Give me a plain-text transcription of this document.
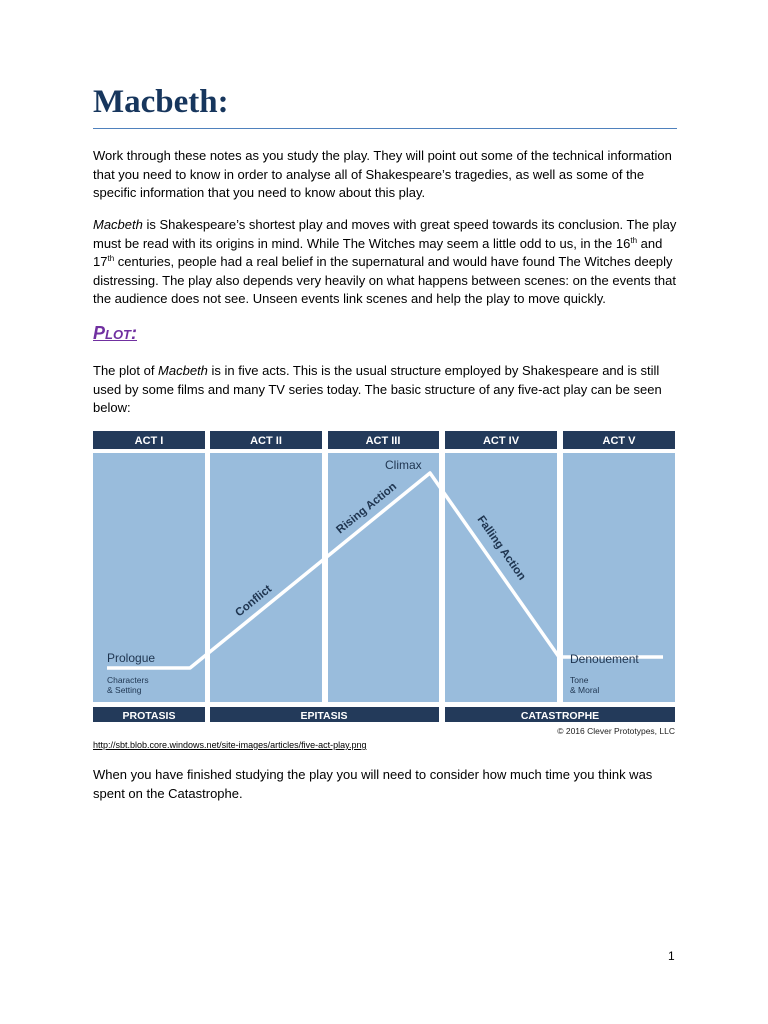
Macbeth:

Work through these notes as you study the play. They will point out some of the technical information that you need to know in order to analyse all of Shakespeare’s tragedies, as well as some of the specific information that you need to know about this play.

Macbeth is Shakespeare’s shortest play and moves with great speed towards its conclusion. The play must be read with its origins in mind. While The Witches may seem a little odd to us, in the 16th and 17th centuries, people had a real belief in the supernatural and would have found The Witches deeply distressing. The play also depends very heavily on what happens between scenes: on the events that the audience does not see. Unseen events link scenes and help the play to move quickly.

Plot:

The plot of Macbeth is in five acts. This is the usual structure employed by Shakespeare and is still used by some films and many TV series today. The basic structure of any five-act play can be seen below:

ACT I	ACT II	ACT III	ACT IV	ACT V
Prologue
Characters
& Setting
Conflict
Rising Action
Climax
Falling Action
Denouement
Tone
& Moral
PROTASIS	EPITASIS	CATASTROPHE
© 2016 Clever Prototypes, LLC
http://sbt.blob.core.windows.net/site-images/articles/five-act-play.png

When you have finished studying the play you will need to consider how much time you think was spent on the Catastrophe.

1
